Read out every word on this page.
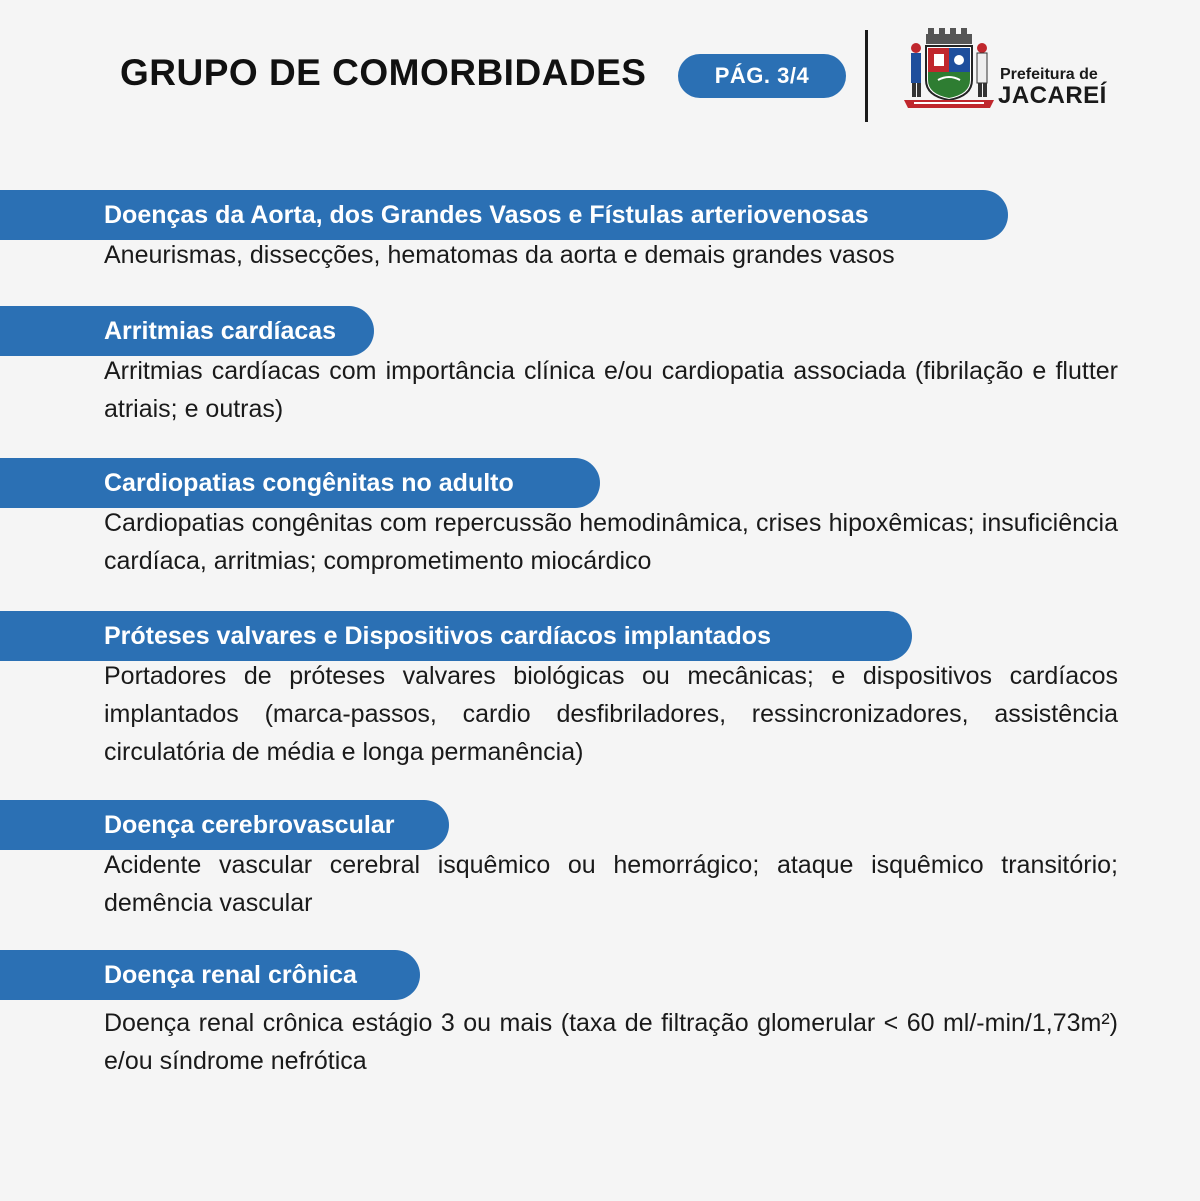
GRUPO DE COMORBIDADES	PÁG. 3/4	Prefeitura de
JACAREÍ
Doenças da Aorta, dos Grandes Vasos e Fístulas arteriovenosas
Aneurismas, dissecções, hematomas da aorta e demais grandes vasos
Arritmias cardíacas
Arritmias cardíacas com importância clínica e/ou cardiopatia associada (fibrilação e flutter atriais; e outras)
Cardiopatias congênitas no adulto
Cardiopatias congênitas com repercussão hemodinâmica, crises hipoxêmicas; insuficiência cardíaca, arritmias; comprometimento miocárdico
Próteses valvares e Dispositivos cardíacos implantados
Portadores de próteses valvares biológicas ou mecânicas; e dispositivos cardíacos implantados (marca-passos, cardio desfibriladores, ressincronizadores, assistência circulatória de média e longa permanência)
Doença cerebrovascular
Acidente vascular cerebral isquêmico ou hemorrágico; ataque isquêmico transitório; demência vascular
Doença renal crônica
Doença renal crônica estágio 3 ou mais (taxa de filtração glomerular < 60 ml/-min/1,73m²) e/ou síndrome nefrótica
